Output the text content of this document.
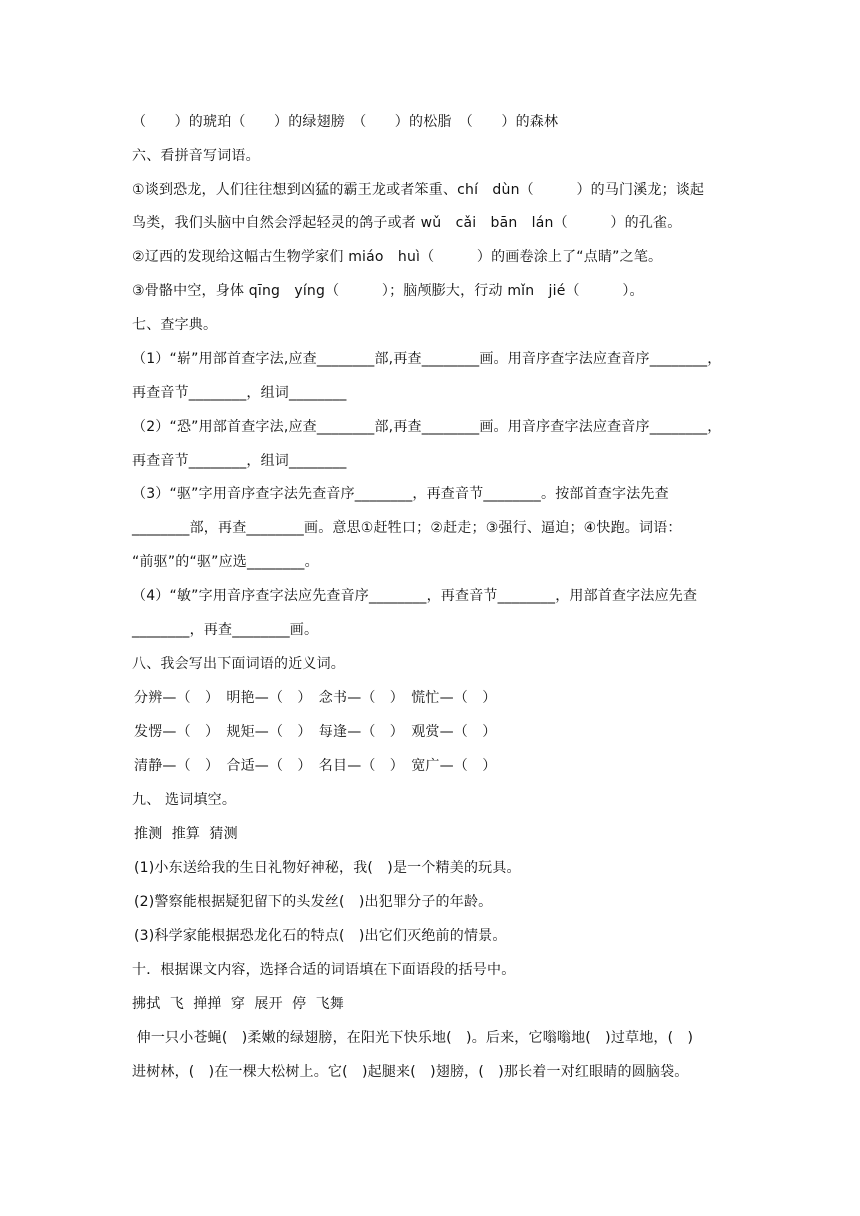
（　　）的琥珀（　　）的绿翅膀　（　　）的松脂　（　　）的森林
六、看拼音写词语。
①谈到恐龙，人们往往想到凶猛的霸王龙或者笨重、chí　dùn（　　　）的马门溪龙；谈起
鸟类，我们头脑中自然会浮起轻灵的鸽子或者 wǔ　cǎi　bān　lán（　　　）的孔雀。
②辽西的发现给这幅古生物学家们 miáo　huì（　　　）的画卷涂上了“点睛”之笔。
③骨骼中空，身体 qīng　yíng（　　　）；脑颅膨大，行动 mǐn　jié（　　　）。
七、查字典。
（1）“崭”用部首查字法,应查________部,再查________画。用音序查字法应查音序________，
再查音节________，组词________
（2）“恐”用部首查字法,应查________部,再查________画。用音序查字法应查音序________，
再查音节________，组词________
（3）“驱”字用音序查字法先查音序________，再查音节________。按部首查字法先查
________部，再查________画。意思①赶牲口；②赶走；③强行、逼迫；④快跑。词语：
“前驱”的“驱”应选________。
（4）“敏”字用音序查字法应先查音序________，再查音节________，用部首查字法应先查
________，再查________画。
八、我会写出下面词语的近义词。
分辨—（　）　明艳—（　）　念书—（　）　慌忙—（　）
发愣—（　）　规矩—（　）　每逢—（　）　观赏—（　）
清静—（　）　合适—（　）　名目—（　）　宽广—（　）
九、 选词填空。
推测  推算  猜测
(1)小东送给我的生日礼物好神秘，我(　)是一个精美的玩具。
(2)警察能根据疑犯留下的头发丝(　)出犯罪分子的年龄。
(3)科学家能根据恐龙化石的特点(　)出它们灭绝前的情景。
十．根据课文内容，选择合适的词语填在下面语段的括号中。
拂拭  飞  掸掸  穿  展开  停  飞舞
伸一只小苍蝇(　)柔嫩的绿翅膀，在阳光下快乐地(　)。后来，它嗡嗡地(　)过草地，(　)
进树林，(　)在一棵大松树上。它(　)起腿来(　)翅膀，(　)那长着一对红眼睛的圆脑袋。
